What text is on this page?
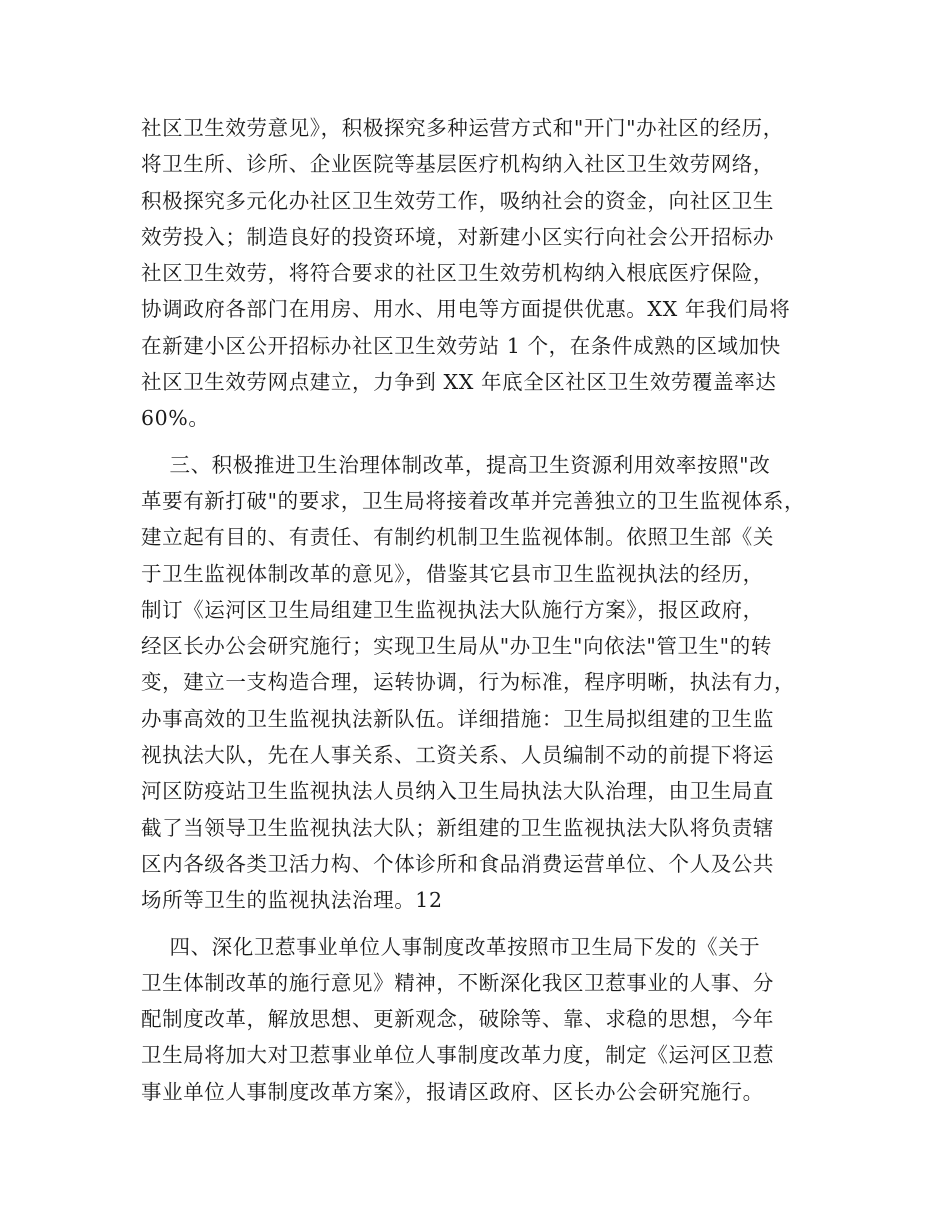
社区卫生效劳意见》，积极探究多种运营方式和"开门"办社区的经历，
将卫生所、诊所、企业医院等基层医疗机构纳入社区卫生效劳网络，
积极探究多元化办社区卫生效劳工作，吸纳社会的资金，向社区卫生
效劳投入；制造良好的投资环境，对新建小区实行向社会公开招标办
社区卫生效劳，将符合要求的社区卫生效劳机构纳入根底医疗保险，
协调政府各部门在用房、用水、用电等方面提供优惠。XX 年我们局将
在新建小区公开招标办社区卫生效劳站 1 个，在条件成熟的区域加快
社区卫生效劳网点建立，力争到 XX 年底全区社区卫生效劳覆盖率达
60%。
三、积极推进卫生治理体制改革，提高卫生资源利用效率按照"改
革要有新打破"的要求，卫生局将接着改革并完善独立的卫生监视体系，
建立起有目的、有责任、有制约机制卫生监视体制。依照卫生部《关
于卫生监视体制改革的意见》，借鉴其它县市卫生监视执法的经历，
制订《运河区卫生局组建卫生监视执法大队施行方案》，报区政府，
经区长办公会研究施行；实现卫生局从"办卫生"向依法"管卫生"的转
变，建立一支构造合理，运转协调，行为标准，程序明晰，执法有力，
办事高效的卫生监视执法新队伍。详细措施：卫生局拟组建的卫生监
视执法大队，先在人事关系、工资关系、人员编制不动的前提下将运
河区防疫站卫生监视执法人员纳入卫生局执法大队治理，由卫生局直
截了当领导卫生监视执法大队；新组建的卫生监视执法大队将负责辖
区内各级各类卫活力构、个体诊所和食品消费运营单位、个人及公共
场所等卫生的监视执法治理。12
四、深化卫惹事业单位人事制度改革按照市卫生局下发的《关于
卫生体制改革的施行意见》精神，不断深化我区卫惹事业的人事、分
配制度改革，解放思想、更新观念，破除等、靠、求稳的思想，今年
卫生局将加大对卫惹事业单位人事制度改革力度，制定《运河区卫惹
事业单位人事制度改革方案》，报请区政府、区长办公会研究施行。
